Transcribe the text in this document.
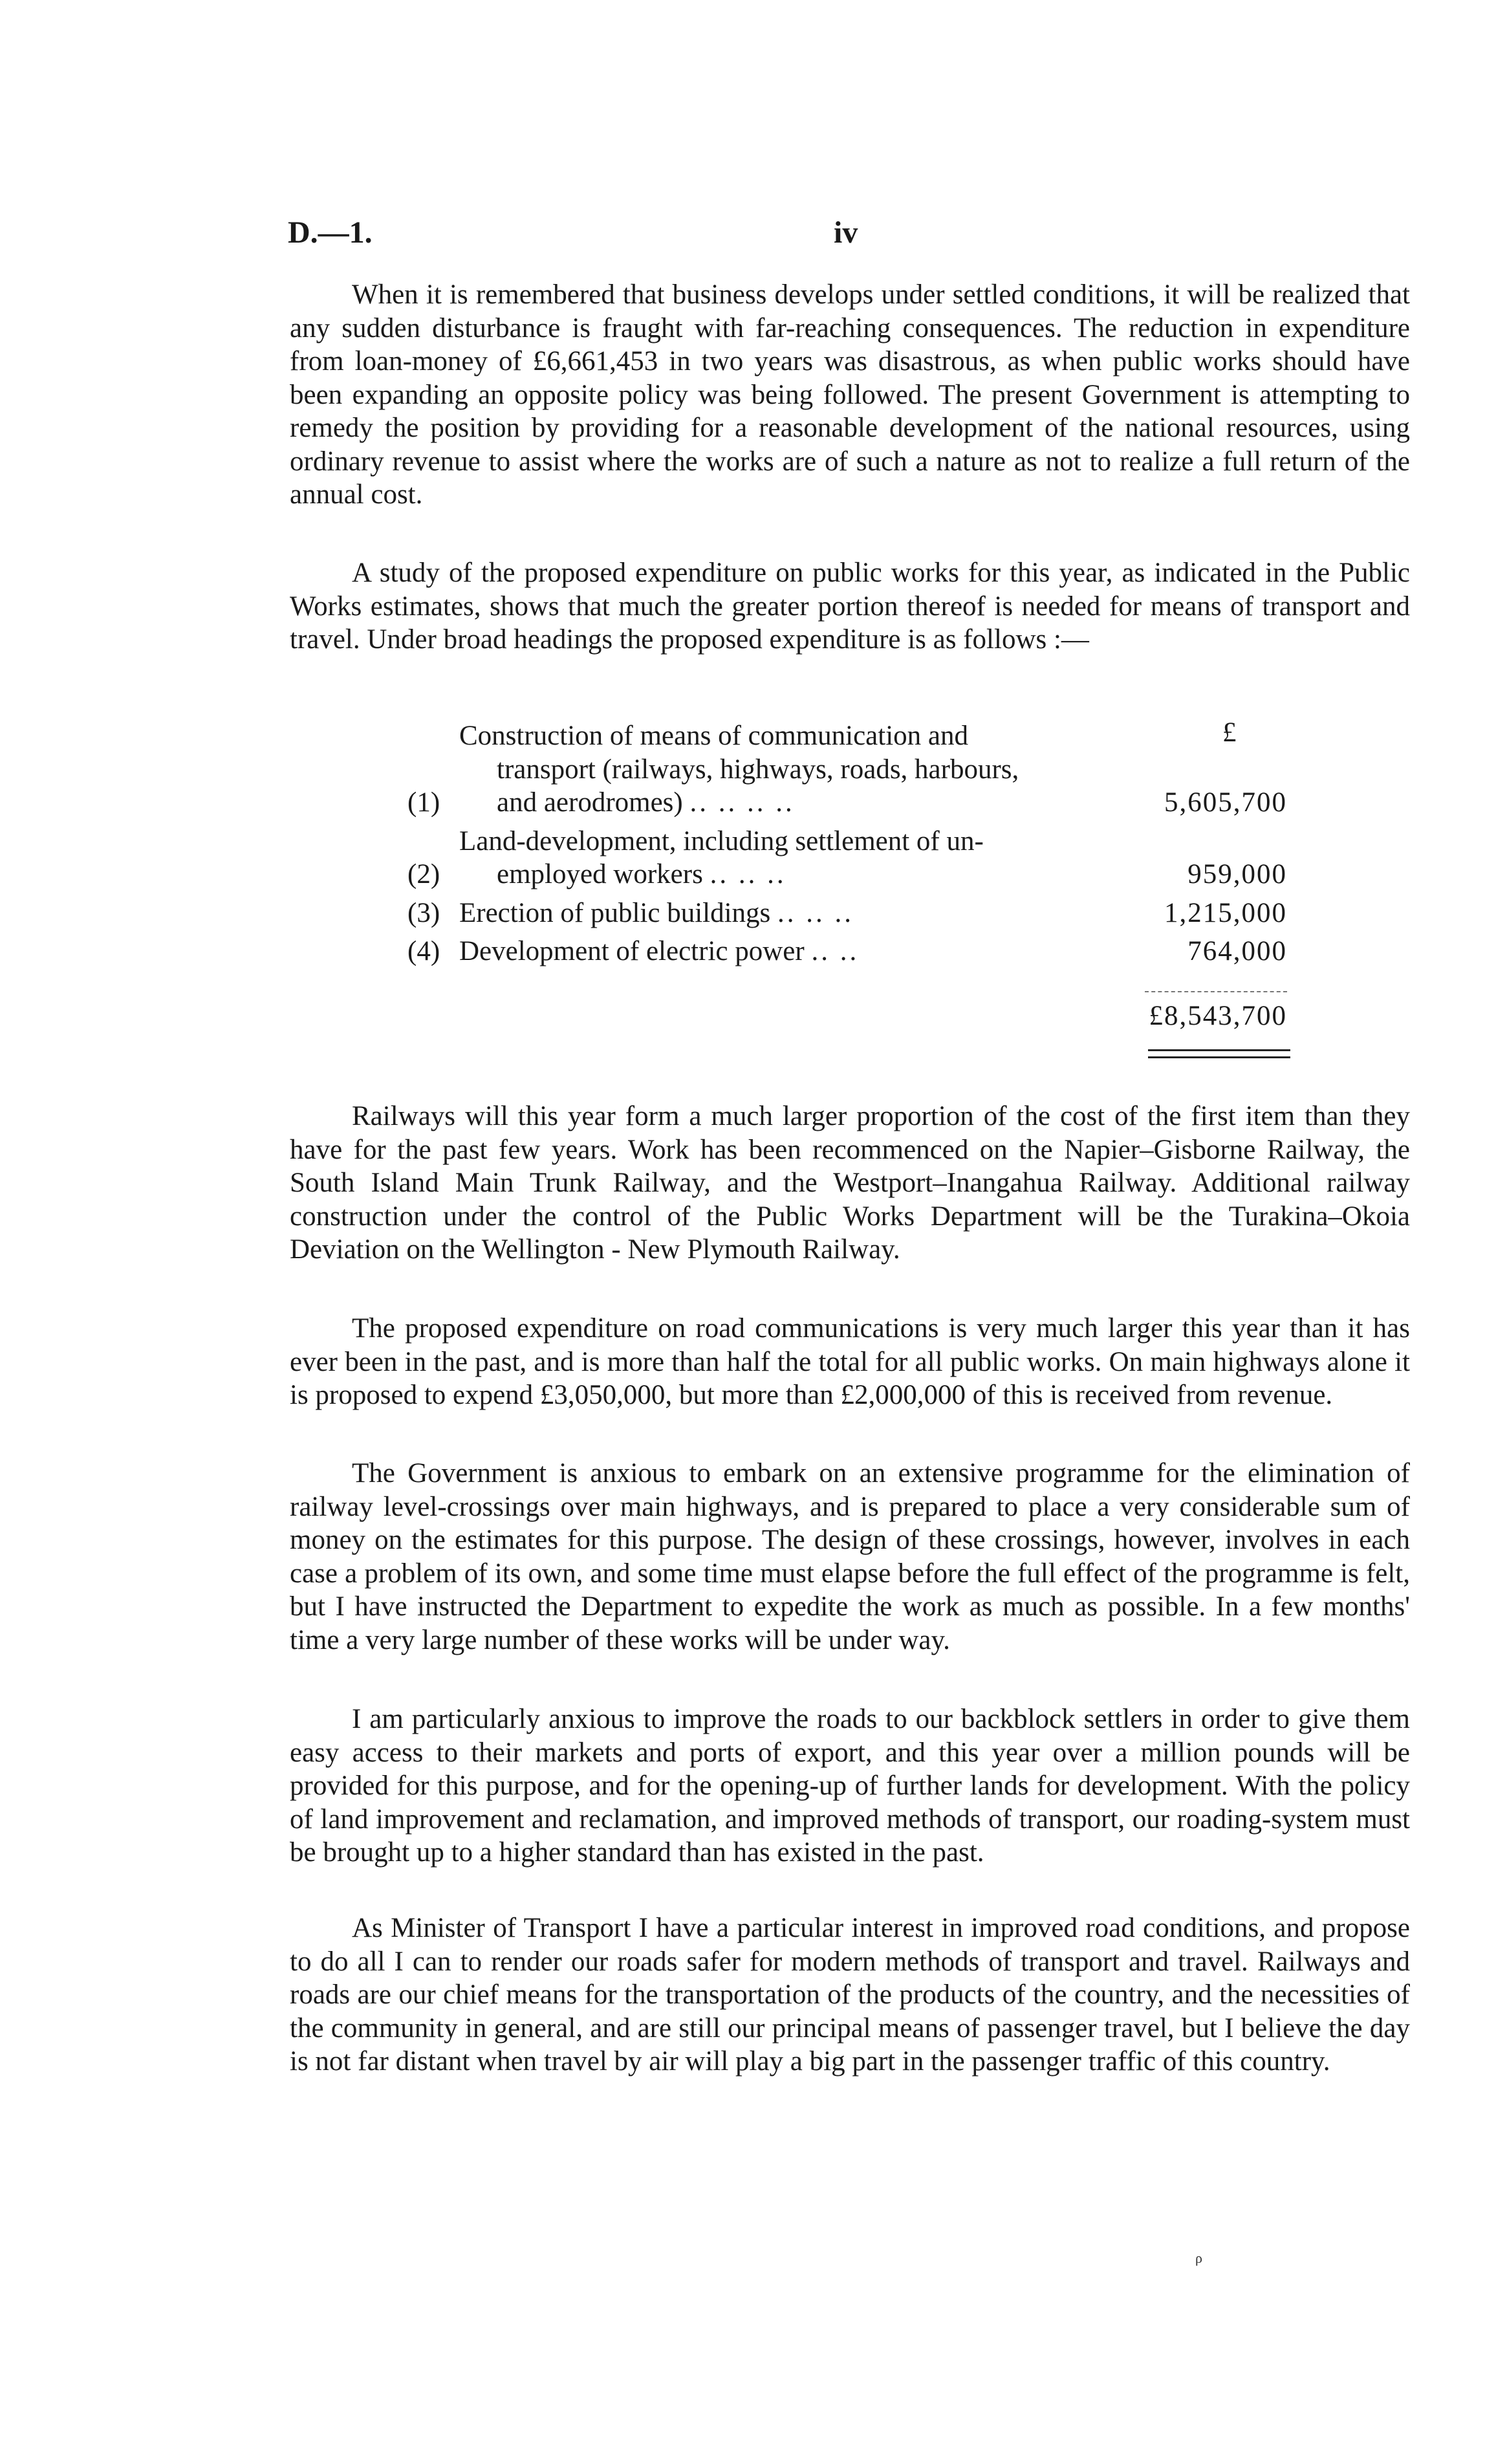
D.—1.	iv

When it is remembered that business develops under settled conditions, it will be realized that any sudden disturbance is fraught with far-reaching consequences. The reduction in expenditure from loan-money of £6,661,453 in two years was disastrous, as when public works should have been expanding an opposite policy was being followed. The present Government is attempting to remedy the position by providing for a reasonable development of the national resources, using ordinary revenue to assist where the works are of such a nature as not to realize a full return of the annual cost.

A study of the proposed expenditure on public works for this year, as indicated in the Public Works estimates, shows that much the greater portion thereof is needed for means of transport and travel. Under broad headings the proposed expenditure is as follows :—

£
(1)
Construction of means of communication and
transport (railways, highways, roads, harbours,
and aerodromes) .. .. .. ..	5,605,700
(2)
Land-development, including settlement of un-
employed workers .. .. ..	959,000
(3) Erection of public buildings .. .. ..	1,215,000
(4) Development of electric power .. ..	764,000
£8,543,700

Railways will this year form a much larger proportion of the cost of the first item than they have for the past few years. Work has been recommenced on the Napier–Gisborne Railway, the South Island Main Trunk Railway, and the Westport–Inangahua Railway. Additional railway construction under the control of the Public Works Department will be the Turakina–Okoia Deviation on the Wellington - New Plymouth Railway.

The proposed expenditure on road communications is very much larger this year than it has ever been in the past, and is more than half the total for all public works. On main highways alone it is proposed to expend £3,050,000, but more than £2,000,000 of this is received from revenue.

The Government is anxious to embark on an extensive programme for the elimination of railway level-crossings over main highways, and is prepared to place a very considerable sum of money on the estimates for this purpose. The design of these crossings, however, involves in each case a problem of its own, and some time must elapse before the full effect of the programme is felt, but I have instructed the Department to expedite the work as much as possible. In a few months' time a very large number of these works will be under way.

I am particularly anxious to improve the roads to our backblock settlers in order to give them easy access to their markets and ports of export, and this year over a million pounds will be provided for this purpose, and for the opening-up of further lands for development. With the policy of land improvement and reclamation, and improved methods of transport, our roading-system must be brought up to a higher standard than has existed in the past.

As Minister of Transport I have a particular interest in improved road conditions, and propose to do all I can to render our roads safer for modern methods of transport and travel. Railways and roads are our chief means for the transportation of the products of the country, and the necessities of the community in general, and are still our principal means of passenger travel, but I believe the day is not far distant when travel by air will play a big part in the passenger traffic of this country.

ρ
